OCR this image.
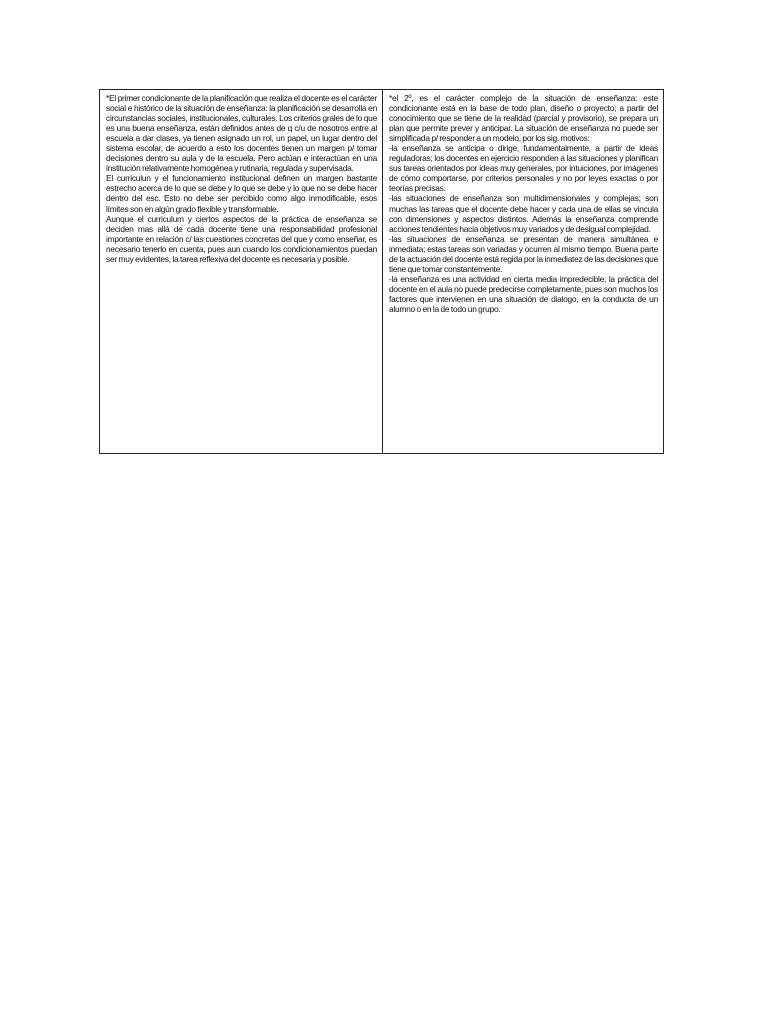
*El primer condicionante de la planificación que realiza el docente es el carácter social e histórico de la situación de enseñanza: la planificación se desarrolla en circunstancias sociales, institucionales, culturales. Los criterios grales de lo que es una buena enseñanza, están definidos antes de q c/u de nosotros entre al escuela a dar clases, ya tienen asignado un rol, un papel, un lugar dentro del sistema escolar, de acuerdo a esto los docentes tienen un margen p/ tomar decisiones dentro su aula y de la escuela. Pero actúan e interactúan en una institución relativamente homogénea y rutinaria, regulada y supervisada.

El curriculun y el funcionamiento institucional definen un margen bastante estrecho acerca de lo que se debe y lo que se debe y lo que no se debe hacer dentro del esc. Esto no debe ser percibido como algo inmodificable, esos límites son en algún grado flexible y transformable.

Aunque el curriculum y ciertos aspectos de la práctica de enseñanza se deciden mas allá de cada docente tiene una responsabilidad profesional importante en relación c/ las cuestiones concretas del que y como enseñar, es necesario tenerlo en cuenta, pues aun cuando los condicionamientos puedan ser muy evidentes, la tarea reflexiva del docente es necesaria y posible.

*el 2º, es el carácter complejo de la situación de enseñanza: este condicionante está en la base de todo plan, diseño o proyecto; a partir del conocimiento que se tiene de la realidad (parcial y provisorio), se prepara un plan que permite prever y anticipar. La situación de enseñanza no puede ser simplificada p/ responder a un modelo, por los sig. motivos:

-la enseñanza se anticipa o dirige, fundamentalmente, a partir de ideas reguladoras; los docentes en ejercicio responden a las situaciones y planifican sus tareas orientados por ideas muy generales, por intuiciones, por imágenes de cómo comportarse, por criterios personales y no por leyes exactas o por teorías precisas.

-las situaciones de enseñanza son multidimensionales y complejas; son muchas las tareas que el docente debe hacer y cada una de ellas se vincula con dimensiones y aspectos distintos. Además la enseñanza comprende acciones tendientes hacia objetivos muy variados y de desigual complejidad.

-las situaciones de enseñanza se presentan de manera simultánea e inmediata; estas tareas son variadas y ocurren al mismo tiempo. Buena parte de la actuación del docente está regida por la inmediatez de las decisiones que tiene que tomar constantemente.

-la enseñanza es una actividad en cierta media impredecible; la práctica del docente en el aula no puede predecirse completamente, pues son muchos los factores que intervienen en una situación de dialogo, en la conducta de un alumno o en la de todo un grupo.
